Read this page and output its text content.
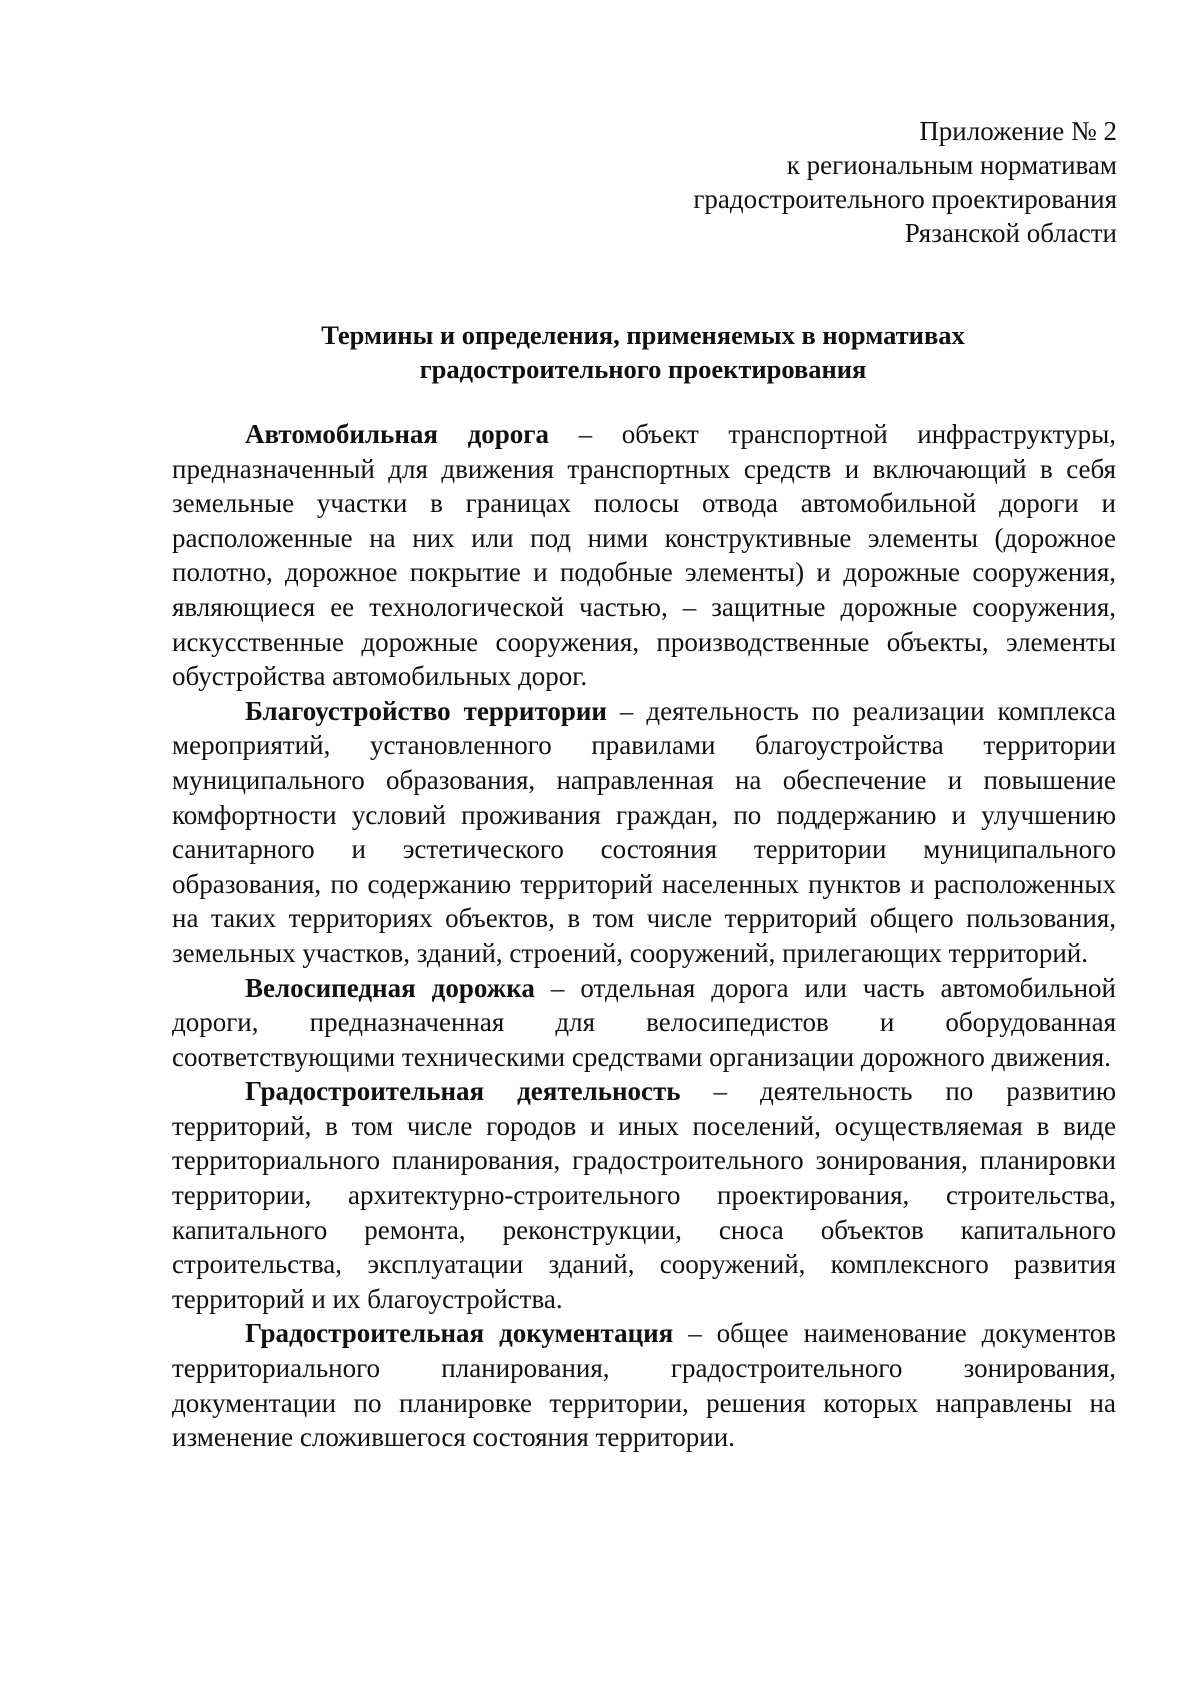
Приложение № 2
к региональным нормативам
градостроительного проектирования
Рязанской области
Термины и определения, применяемых в нормативах
градостроительного проектирования

Автомобильная дорога – объект транспортной инфраструктуры, предназначенный для движения транспортных средств и включающий в себя земельные участки в границах полосы отвода автомобильной дороги и расположенные на них или под ними конструктивные элементы (дорожное полотно, дорожное покрытие и подобные элементы) и дорожные сооружения, являющиеся ее технологической частью, – защитные дорожные сооружения, искусственные дорожные сооружения, производственные объекты, элементы обустройства автомобильных дорог.

Благоустройство территории – деятельность по реализации комплекса мероприятий, установленного правилами благоустройства территории муниципального образования, направленная на обеспечение и повышение комфортности условий проживания граждан, по поддержанию и улучшению санитарного и эстетического состояния территории муниципального образования, по содержанию территорий населенных пунктов и расположенных на таких территориях объектов, в том числе территорий общего пользования, земельных участков, зданий, строений, сооружений, прилегающих территорий.

Велосипедная дорожка – отдельная дорога или часть автомобильной дороги, предназначенная для велосипедистов и оборудованная соответствующими техническими средствами организации дорожного движения.

Градостроительная деятельность – деятельность по развитию территорий, в том числе городов и иных поселений, осуществляемая в виде территориального планирования, градостроительного зонирования, планировки территории, архитектурно-строительного проектирования, строительства, капитального ремонта, реконструкции, сноса объектов капитального строительства, эксплуатации зданий, сооружений, комплексного развития территорий и их благоустройства.

Градостроительная документация – общее наименование документов территориального планирования, градостроительного зонирования, документации по планировке территории, решения которых направлены на изменение сложившегося состояния территории.
